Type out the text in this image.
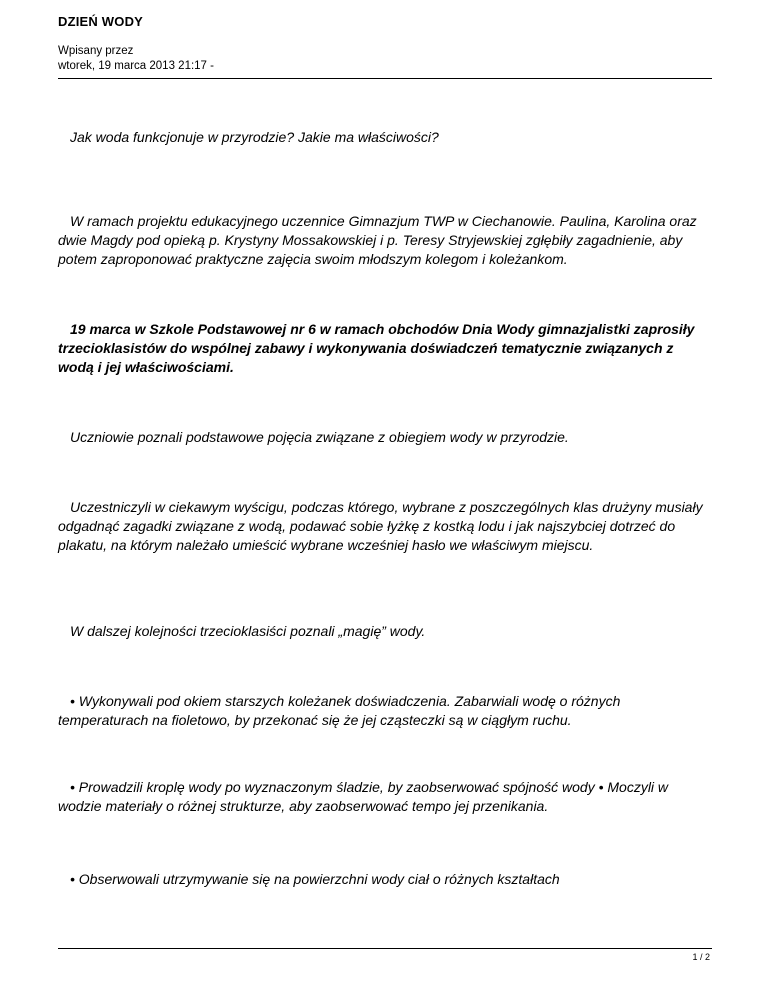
DZIEŃ WODY
Wpisany przez
wtorek, 19 marca 2013 21:17 -
Jak woda funkcjonuje w przyrodzie? Jakie ma właściwości?
W ramach projektu edukacyjnego uczennice Gimnazjum TWP w Ciechanowie. Paulina, Karolina oraz dwie Magdy pod opieką p. Krystyny Mossakowskiej i p. Teresy Stryjewskiej zgłębiły zagadnienie, aby potem zaproponować praktyczne zajęcia swoim młodszym kolegom i koleżankom.
19 marca w Szkole Podstawowej nr 6 w ramach obchodów Dnia Wody gimnazjalistki zaprosiły trzecioklasistów do wspólnej zabawy i wykonywania doświadczeń tematycznie związanych z wodą i jej właściwościami.
Uczniowie poznali podstawowe pojęcia związane z obiegiem wody w przyrodzie.
Uczestniczyli w ciekawym wyścigu, podczas którego, wybrane z poszczególnych klas drużyny musiały odgadnąć zagadki związane z wodą, podawać sobie łyżkę z kostką lodu i jak najszybciej dotrzeć do plakatu, na którym należało umieścić wybrane wcześniej hasło we właściwym miejscu.
W dalszej kolejności trzecioklasiści poznali „magię” wody.
• Wykonywali pod okiem starszych koleżanek doświadczenia. Zabarwiali wodę o różnych temperaturach na fioletowo, by przekonać się że jej cząsteczki są w ciągłym ruchu.
• Prowadzili kroplę wody po wyznaczonym śladzie, by zaobserwować spójność wody • Moczyli w wodzie materiały o różnej strukturze, aby zaobserwować tempo jej przenikania.
• Obserwowali utrzymywanie się na powierzchni wody ciał o różnych kształtach
1 / 2
